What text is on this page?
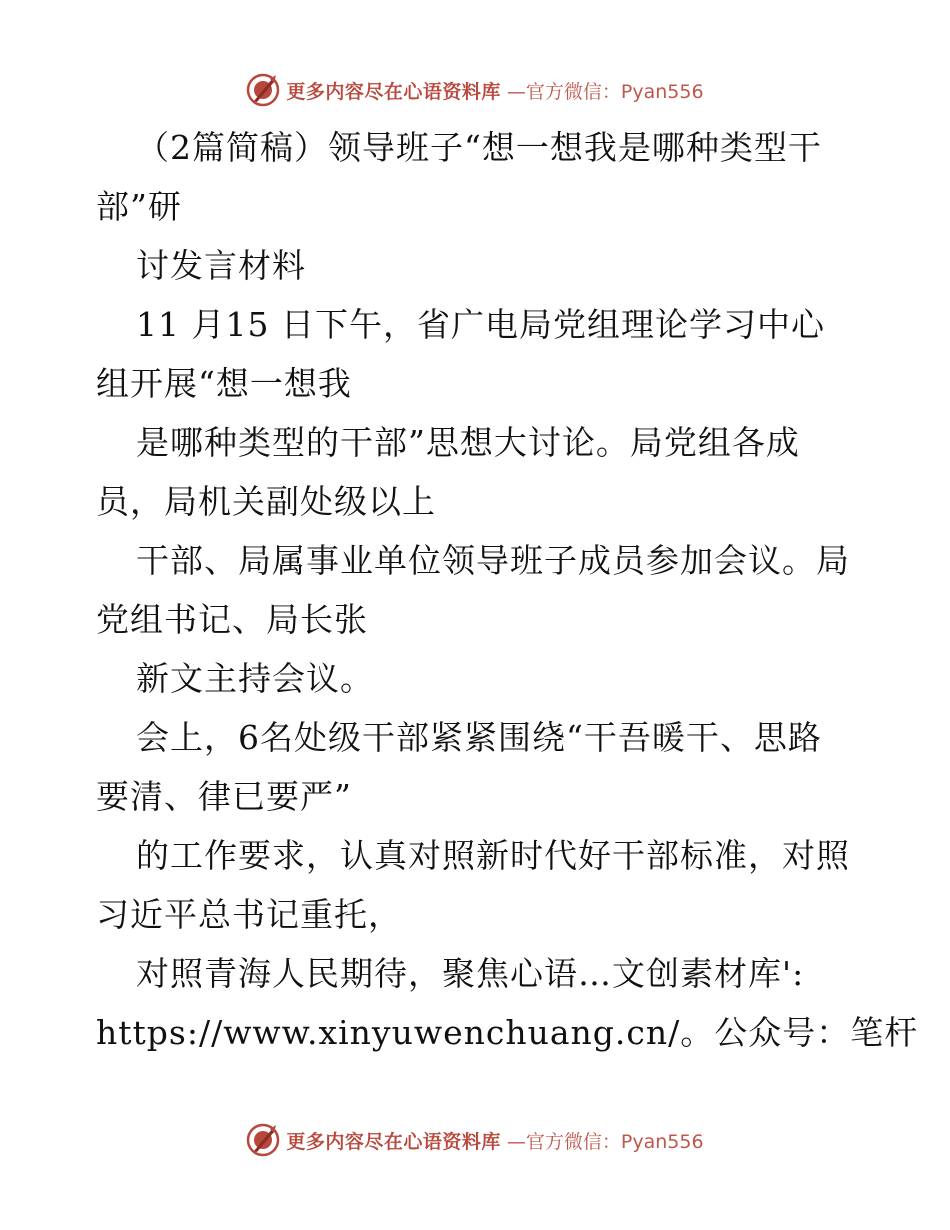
更多内容尽在心语资料库 —官方微信：Pyan556
（2篇简稿）领导班子“想一想我是哪种类型干
部”研
讨发言材料
11 月15 日下午，省广电局党组理论学习中心
组开展“想一想我
是哪种类型的干部”思想大讨论。局党组各成
员，局机关副处级以上
干部、局属事业单位领导班子成员参加会议。局
党组书记、局长张
新文主持会议。
会上，6名处级干部紧紧围绕“干吾暖干、思路
要清、律已要严”
的工作要求，认真对照新时代好干部标准，对照
习近平总书记重托，
对照青海人民期待，聚焦心语…文创素材库':
https://www.xinyuwenchuang.cn/。公众号：笔杆
更多内容尽在心语资料库 —官方微信：Pyan556
